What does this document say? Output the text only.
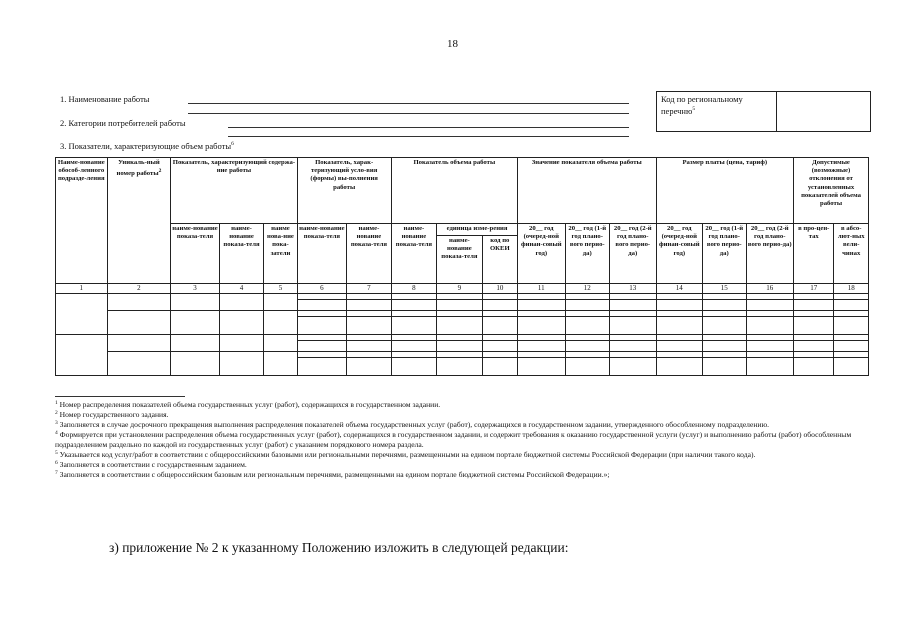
18
1. Наименование работы
2. Категории потребителей работы
3. Показатели, характеризующие объем работы$^6$
Код по региональному перечню$^5$
Наиме-нование обособ-ленного подразде-ления	Уникаль-ный номер работы$^2$	Показатель, характеризующий содержа-ние работы			Показатель, харак-теризующий усло-вия (формы) вы-полнения работы		Показатель объема работы			Значение показателя объема работы			Размер платы (цена, тариф)			Допустимые (возможные) отклонения от установленных показателей объема работы	
		наиме-нование показа-теля	наиме-нование показа-теля	наиме нова-ние пока-затели	наиме-нование показа-теля	наиме-нование показа-теля	наиме-нование показа-теля	единица изме-рения		20__ год (очеред-ной финан-совый год)	20__ год (1-й год плано-вого перио-да)	20__ год (2-й год плано-вого перио-да)	20__ год (очеред-ной финан-совый год)	20__ год (1-й год плано-вого перио-да)	20__ год (2-й год плано-вого перио-да)	в про-цен-тах	в абсо-лют-ных вели-чинах
								наиме-нование показа-теля	код по ОКЕИ								
1	2	3	4	5	6	7	8	9	10	11	12	13	14	15	16	17	18

$^1$ Номер распределения показателей объема государственных услуг (работ), содержащихся в государственном задании.

$^2$ Номер государственного задания.

$^3$ Заполняется в случае досрочного прекращения выполнения распределения показателей объема государственных услуг (работ), содержащихся в государственном задании, утвержденного обособленному подразделению.

$^4$ Формируется при установлении распределения объема государственных услуг (работ), содержащихся в государственном задании, и содержит требования к оказанию государственной услуги (услуг) и выполнению работы (работ) обособленным подразделением раздельно по каждой из государственных услуг (работ) с указанием порядкового номера раздела.

$^5$ Указывается код услуг/работ в соответствии с общероссийскими базовыми или региональными перечнями, размещенными на едином портале бюджетной системы Российской Федерации (при наличии такого кода).

$^6$ Заполняется в соответствии с государственным заданием.

$^7$ Заполняется в соответствии с общероссийским базовым или региональным перечнями, размещенными на едином портале бюджетной системы Российской Федерации.»;

з) приложение № 2 к указанному Положению изложить в следующей редакции:
